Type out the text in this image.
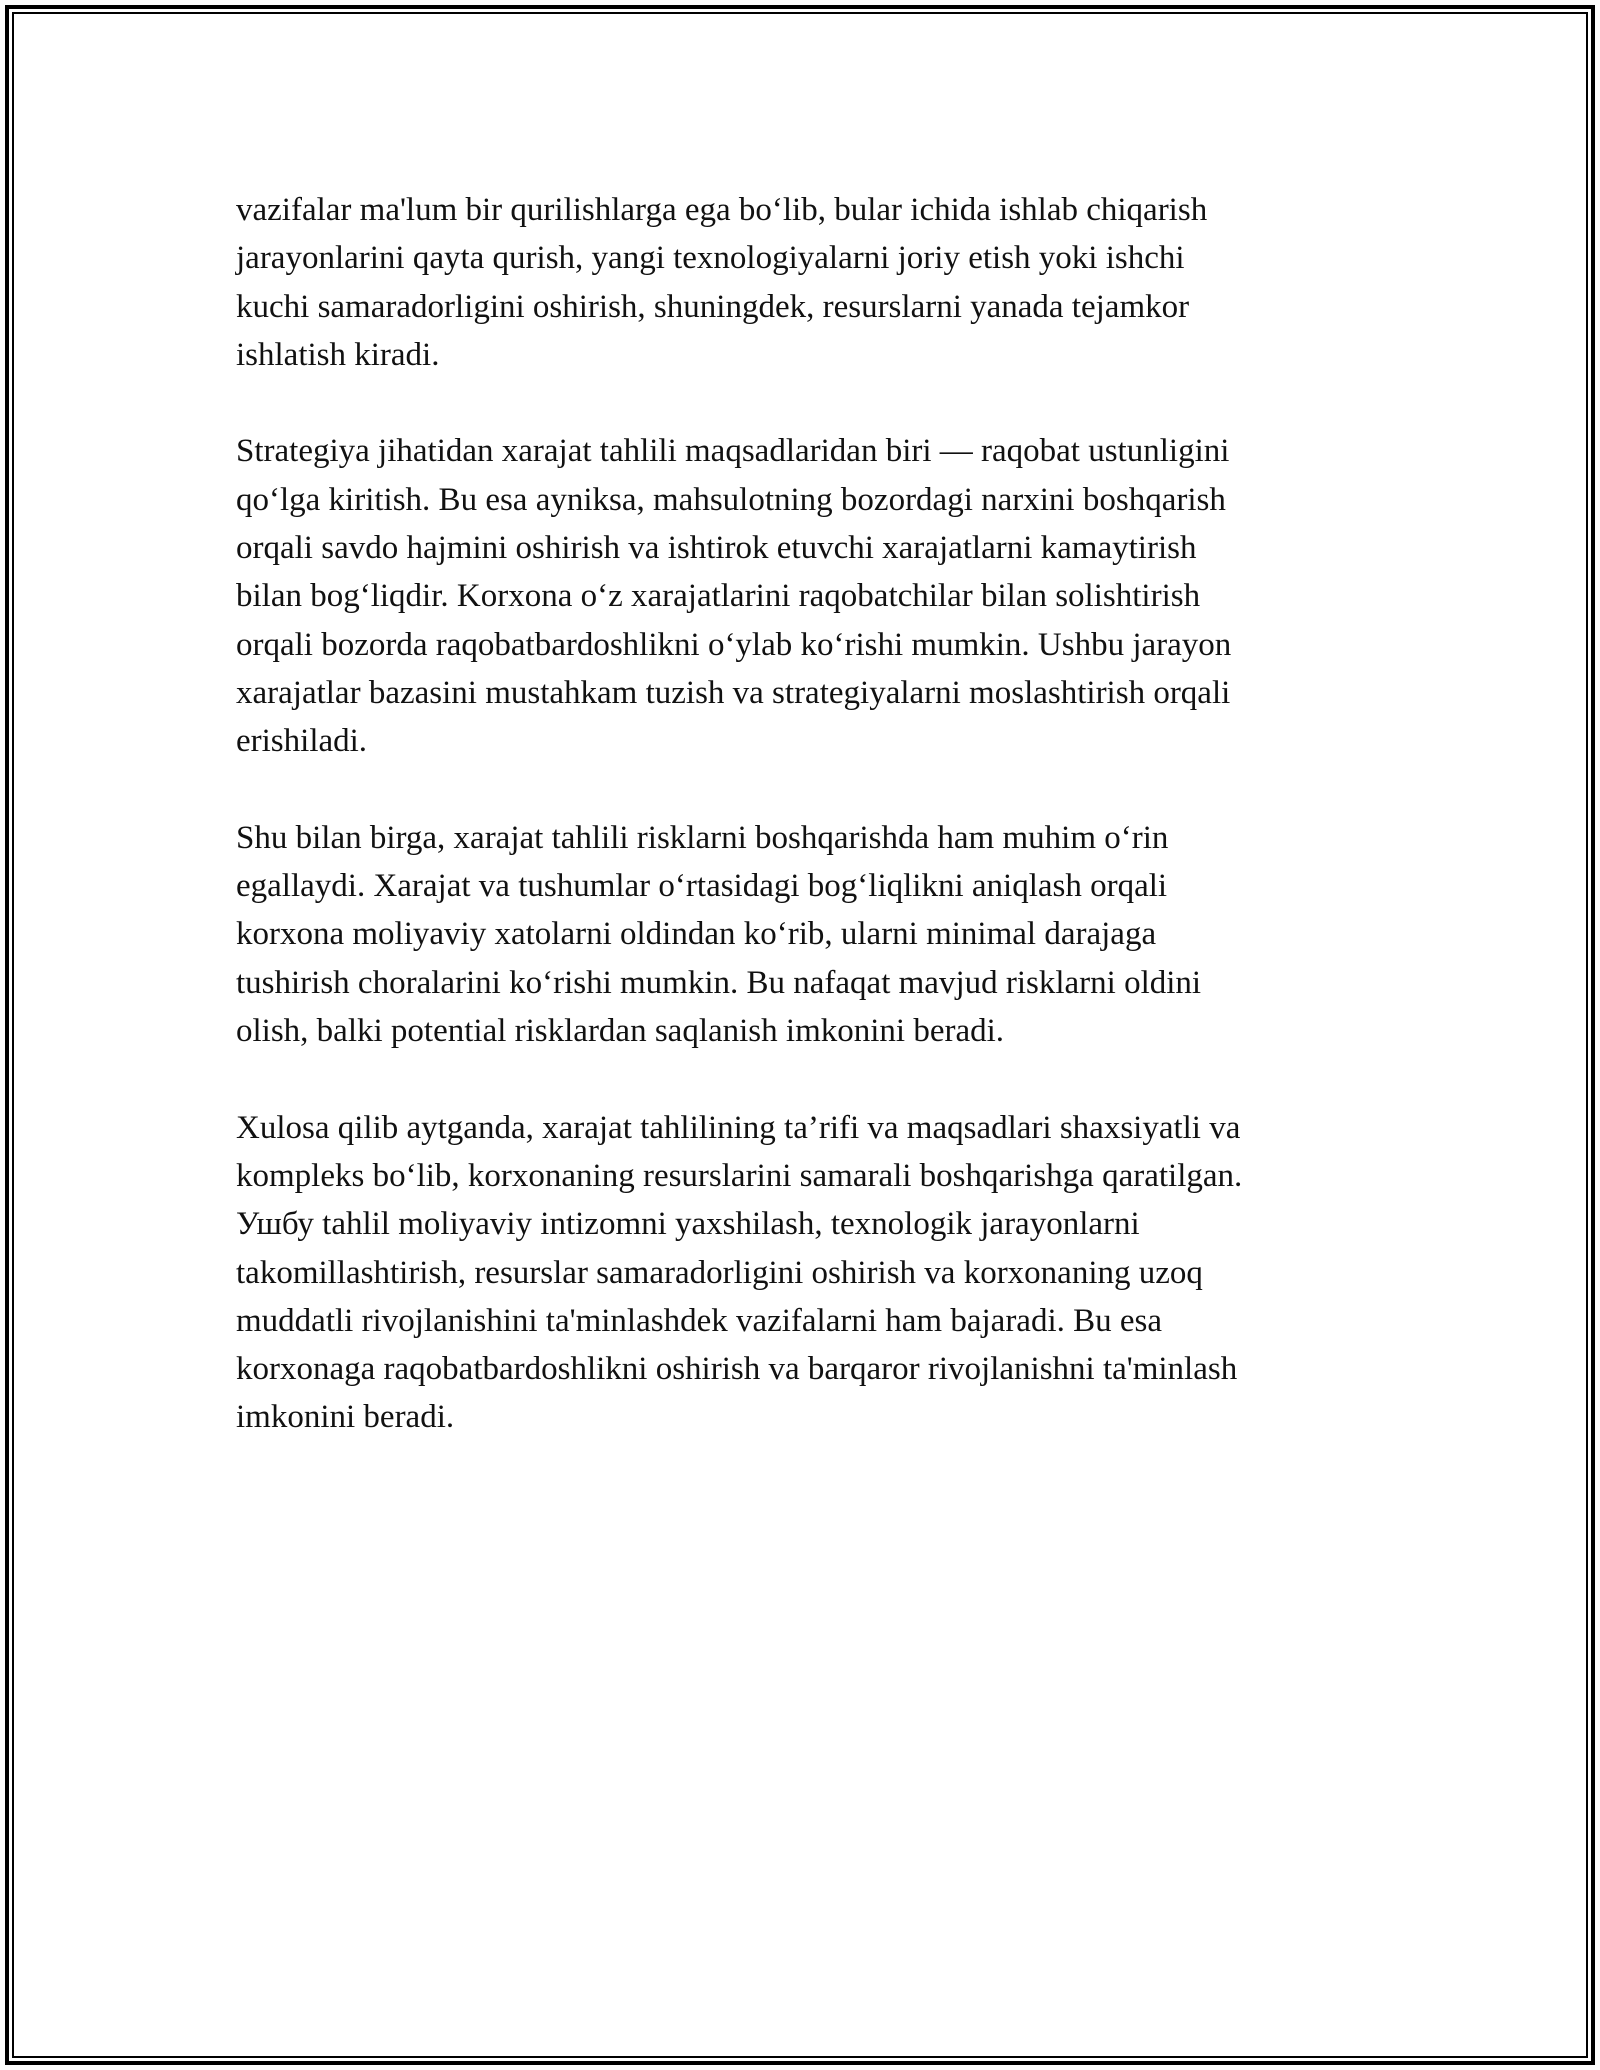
vazifalar ma'lum bir qurilishlarga ega bo‘lib, bular ichida ishlab chiqarish
jarayonlarini qayta qurish, yangi texnologiyalarni joriy etish yoki ishchi
kuchi samaradorligini oshirish, shuningdek, resurslarni yanada tejamkor
ishlatish kiradi.

Strategiya jihatidan xarajat tahlili maqsadlaridan biri — raqobat ustunligini
qo‘lga kiritish. Bu esa ayniksa, mahsulotning bozordagi narxini boshqarish
orqali savdo hajmini oshirish va ishtirok etuvchi xarajatlarni kamaytirish
bilan bog‘liqdir. Korxona o‘z xarajatlarini raqobatchilar bilan solishtirish
orqali bozorda raqobatbardoshlikni o‘ylab ko‘rishi mumkin. Ushbu jarayon
xarajatlar bazasini mustahkam tuzish va strategiyalarni moslashtirish orqali
erishiladi.

Shu bilan birga, xarajat tahlili risklarni boshqarishda ham muhim o‘rin
egallaydi. Xarajat va tushumlar o‘rtasidagi bog‘liqlikni aniqlash orqali
korxona moliyaviy xatolarni oldindan ko‘rib, ularni minimal darajaga
tushirish choralarini ko‘rishi mumkin. Bu nafaqat mavjud risklarni oldini
olish, balki potential risklardan saqlanish imkonini beradi.

Xulosa qilib aytganda, xarajat tahlilining ta’rifi va maqsadlari shaxsiyatli va
kompleks bo‘lib, korxonaning resurslarini samarali boshqarishga qaratilgan.
Ушбу tahlil moliyaviy intizomni yaxshilash, texnologik jarayonlarni
takomillashtirish, resurslar samaradorligini oshirish va korxonaning uzoq
muddatli rivojlanishini ta'minlashdek vazifalarni ham bajaradi. Bu esa
korxonaga raqobatbardoshlikni oshirish va barqaror rivojlanishni ta'minlash
imkonini beradi.
